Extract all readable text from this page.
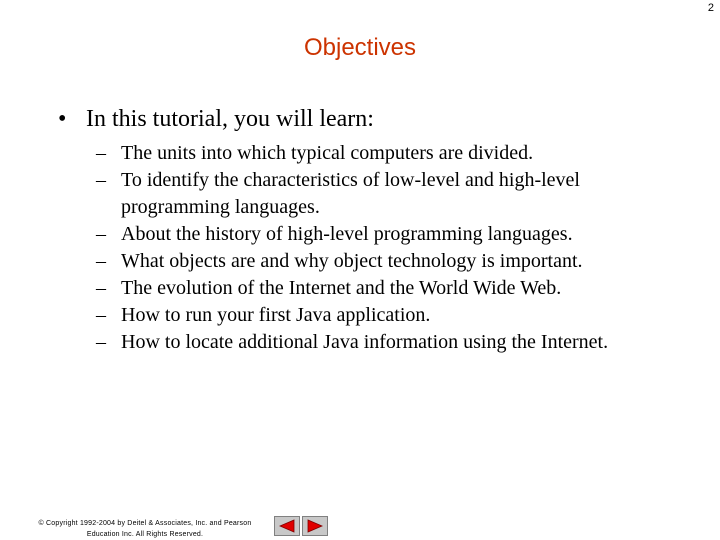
2
Objectives
• In this tutorial, you will learn:
– The units into which typical computers are divided.
– To identify the characteristics of low-level and high-level
programming languages.
– About the history of high-level programming languages.
– What objects are and why object technology is important.
– The evolution of the Internet and the World Wide Web.
– How to run your first Java application.
– How to locate additional Java information using the Internet.
© Copyright 1992-2004 by Deitel & Associates, Inc. and Pearson
Education Inc. All Rights Reserved.
